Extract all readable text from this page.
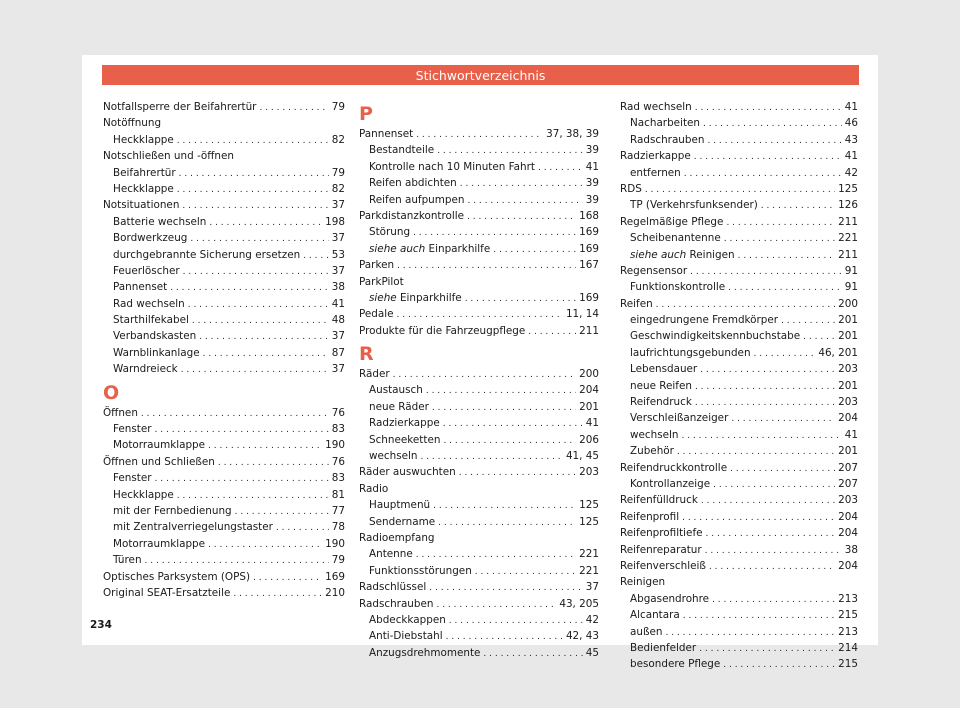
Stichwortverzeichnis
Notfallsperre der Beifahrertür . . .	79
Notöffnung
Heckklappe . . .	82
Notschließen und -öffnen
Beifahrertür . . .	79
Heckklappe . . .	82
Notsituationen . . .	37
Batterie wechseln . . .	198
Bordwerkzeug . . .	37
durchgebrannte Sicherung ersetzen . . .	53
Feuerlöscher . . .	37
Pannenset . . .	38
Rad wechseln . . .	41
Starthilfekabel . . .	48
Verbandskasten . . .	37
Warnblinkanlage . . .	87
Warndreieck . . .	37
O
Öffnen . . .	76
Fenster . . .	83
Motorraumklappe . . .	190
Öffnen und Schließen . . .	76
Fenster . . .	83
Heckklappe . . .	81
mit der Fernbedienung . . .	77
mit Zentralverriegelungstaster . . .	78
Motorraumklappe . . .	190
Türen . . .	79
Optisches Parksystem (OPS) . . .	169
Original SEAT-Ersatzteile . . .	210
P
Pannenset . . .	37, 38, 39
Bestandteile . . .	39
Kontrolle nach 10 Minuten Fahrt . . .	41
Reifen abdichten . . .	39
Reifen aufpumpen . . .	39
Parkdistanzkontrolle . . .	168
Störung . . .	169
siehe auch Einparkhilfe . . .	169
Parken . . .	167
ParkPilot
siehe Einparkhilfe . . .	169
Pedale . . .	11, 14
Produkte für die Fahrzeugpflege . . .	211
R
Räder . . .	200
Austausch . . .	204
neue Räder . . .	201
Radzierkappe . . .	41
Schneeketten . . .	206
wechseln . . .	41, 45
Räder auswuchten . . .	203
Radio
Hauptmenü . . .	125
Sendername . . .	125
Radioempfang
Antenne . . .	221
Funktionsstörungen . . .	221
Radschlüssel . . .	37
Radschrauben . . .	43, 205
Abdeckkappen . . .	42
Anti-Diebstahl . . .	42, 43
Anzugsdrehmomente . . .	45
Rad wechseln . . .	41
Nacharbeiten . . .	46
Radschrauben . . .	43
Radzierkappe . . .	41
entfernen . . .	42
RDS . . .	125
TP (Verkehrsfunksender) . . .	126
Regelmäßige Pflege . . .	211
Scheibenantenne . . .	221
siehe auch Reinigen . . .	211
Regensensor . . .	91
Funktionskontrolle . . .	91
Reifen . . .	200
eingedrungene Fremdkörper . . .	201
Geschwindigkeitskennbuchstabe . . .	201
laufrichtungsgebunden . . .	46, 201
Lebensdauer . . .	203
neue Reifen . . .	201
Reifendruck . . .	203
Verschleißanzeiger . . .	204
wechseln . . .	41
Zubehör . . .	201
Reifendruckkontrolle . . .	207
Kontrollanzeige . . .	207
Reifenfülldruck . . .	203
Reifenprofil . . .	204
Reifenprofiltiefe . . .	204
Reifenreparatur . . .	38
Reifenverschleiß . . .	204
Reinigen
Abgasendrohre . . .	213
Alcantara . . .	215
außen . . .	213
Bedienfelder . . .	214
besondere Pflege . . .	215
234
